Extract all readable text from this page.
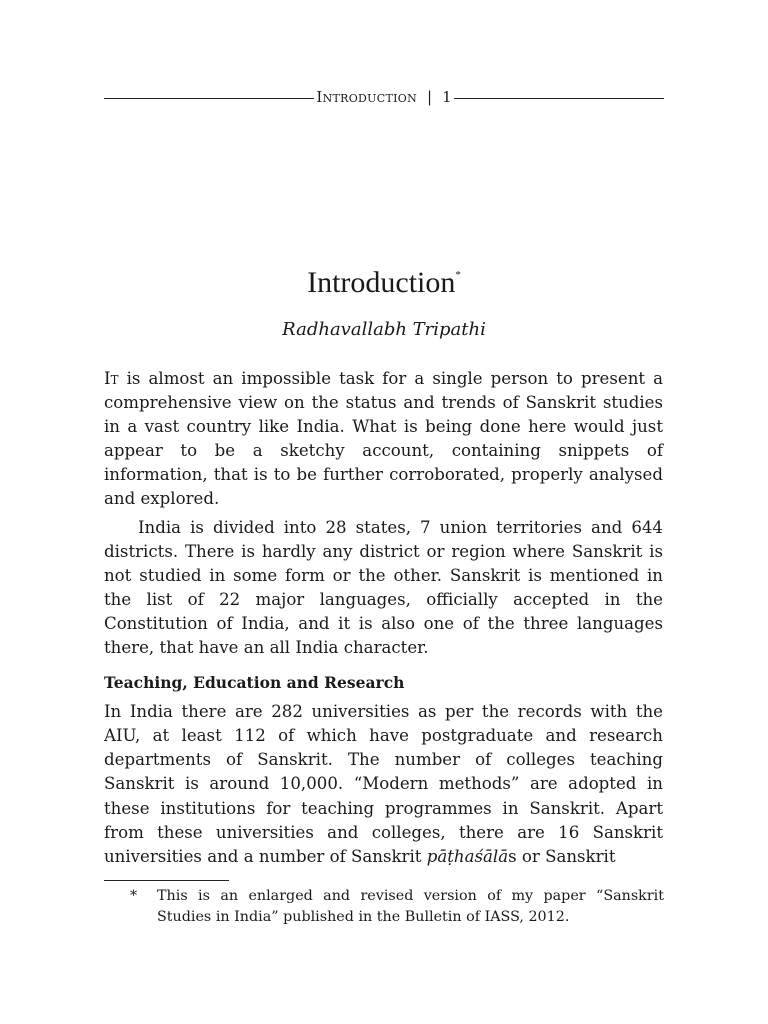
Introduction | 1
Introduction*
Radhavallabh Tripathi

It is almost an impossible task for a single person to present a comprehensive view on the status and trends of Sanskrit studies in a vast country like India. What is being done here would just appear to be a sketchy account, containing snippets of information, that is to be further corroborated, properly analysed and explored.

India is divided into 28 states, 7 union territories and 644 districts. There is hardly any district or region where Sanskrit is not studied in some form or the other. Sanskrit is mentioned in the list of 22 major languages, officially accepted in the Constitution of India, and it is also one of the three languages there, that have an all India character.

Teaching, Education and Research

In India there are 282 universities as per the records with the AIU, at least 112 of which have postgraduate and research departments of Sanskrit. The number of colleges teaching Sanskrit is around 10,000. “Modern methods” are adopted in these institutions for teaching programmes in Sanskrit. Apart from these universities and colleges, there are 16 Sanskrit universities and a number of Sanskrit pāṭhaśālās or Sanskrit

* This is an enlarged and revised version of my paper “Sanskrit Studies in India” published in the Bulletin of IASS, 2012.
